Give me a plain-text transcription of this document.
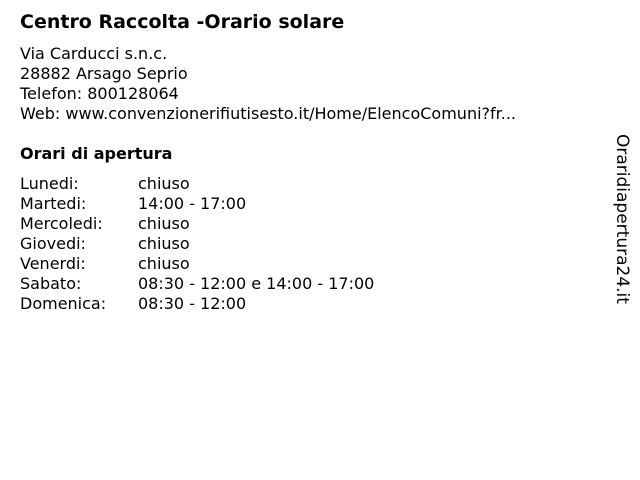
Centro Raccolta -Orario solare
Via Carducci s.n.c.
28882 Arsago Seprio
Telefon: 800128064
Web: www.convenzionerifiutisesto.it/Home/ElencoComuni?fr...
Orari di apertura
Lunedi:	chiuso
Martedi:	14:00 - 17:00
Mercoledi:	chiuso
Giovedi:	chiuso
Venerdi:	chiuso
Sabato:	08:30 - 12:00 e 14:00 - 17:00
Domenica:	08:30 - 12:00	Oraridiapertura24.it
